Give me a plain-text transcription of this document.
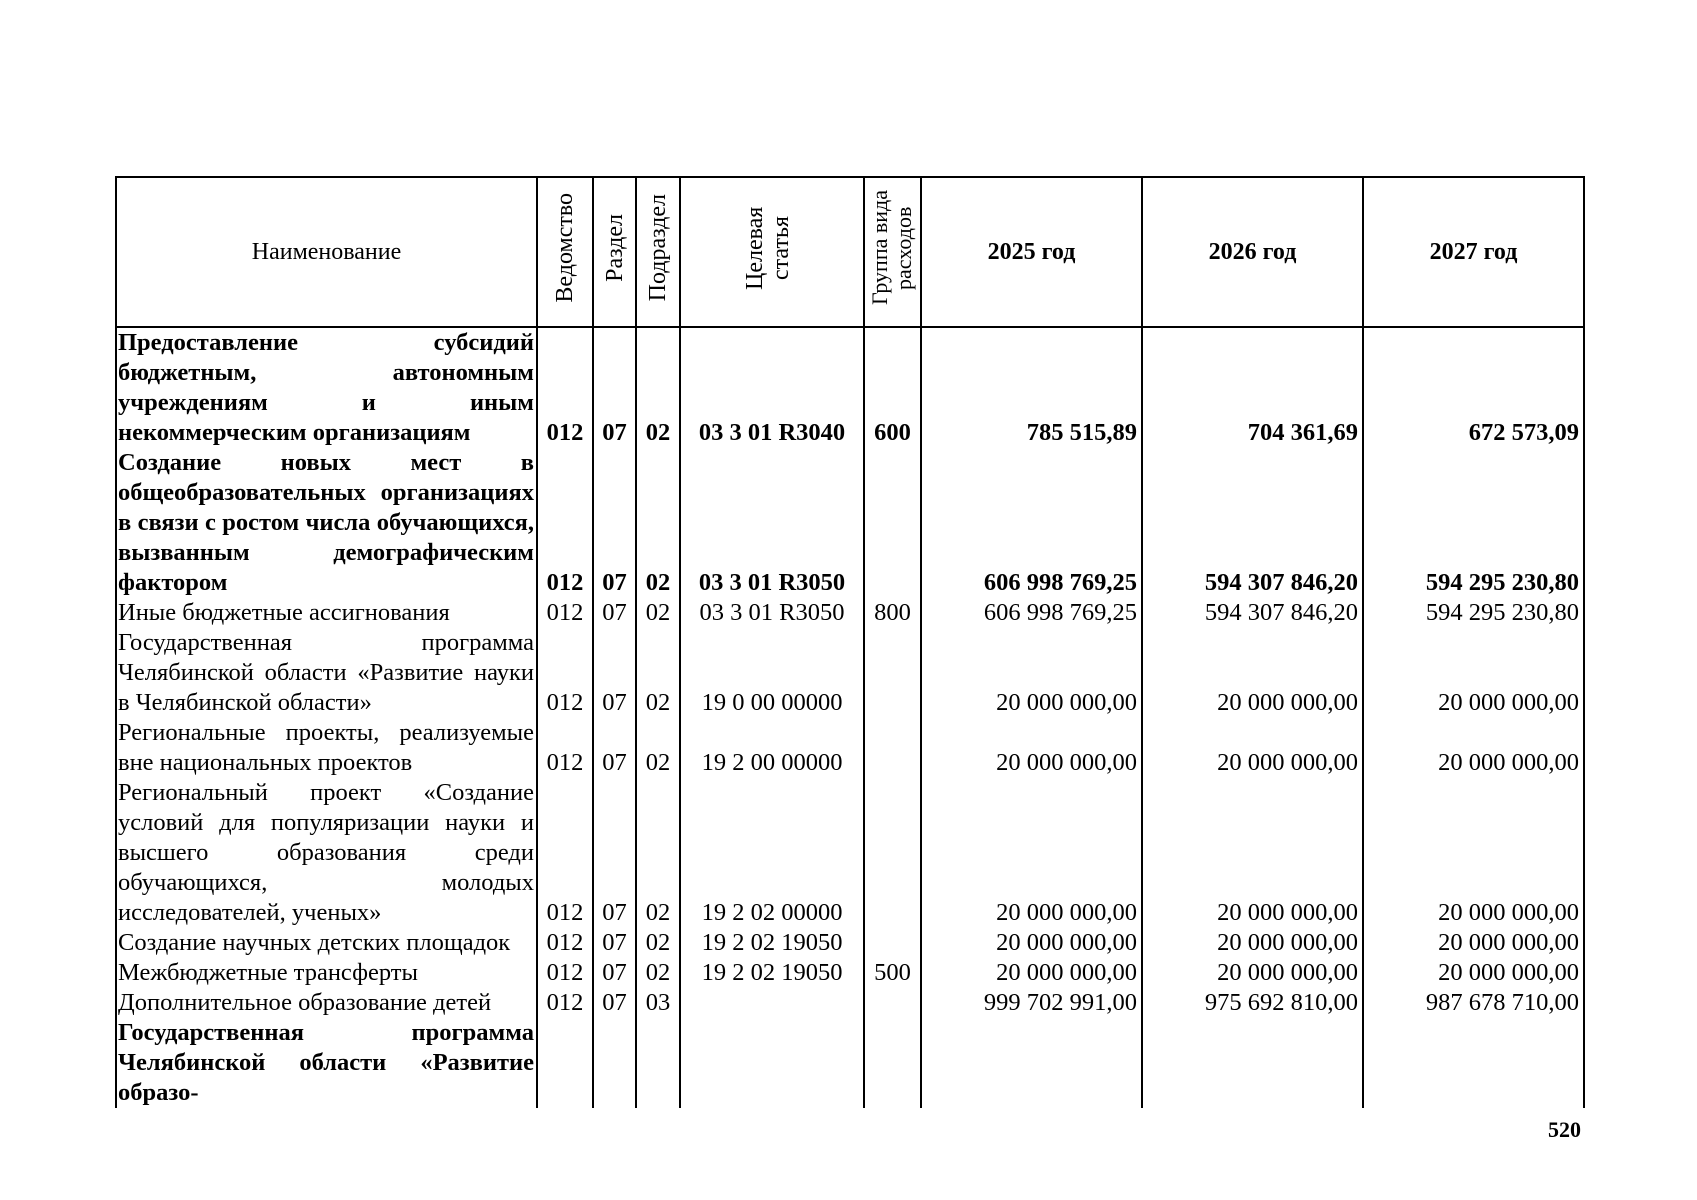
Наименование	Ведомство	Раздел	Подраздел	Целевая статья	Группа вида расходов	2025 год	2026 год	2027 год
Предоставление субсидий бюджетным, автономным учреждениям и иным некоммерческим организациям	012	07	02	03 3 01 R3040	600	785 515,89	704 361,69	672 573,09
Создание новых мест в общеобразовательных организациях в связи с ростом числа обучающихся, вызванным демографическим фактором	012	07	02	03 3 01 R3050		606 998 769,25	594 307 846,20	594 295 230,80
Иные бюджетные ассигнования	012	07	02	03 3 01 R3050	800	606 998 769,25	594 307 846,20	594 295 230,80
Государственная программа Челябинской области «Развитие науки в Челябинской области»	012	07	02	19 0 00 00000		20 000 000,00	20 000 000,00	20 000 000,00
Региональные проекты, реализуемые вне национальных проектов	012	07	02	19 2 00 00000		20 000 000,00	20 000 000,00	20 000 000,00
Региональный проект «Создание условий для популяризации науки и высшего образования среди обучающихся, молодых исследователей, ученых»	012	07	02	19 2 02 00000		20 000 000,00	20 000 000,00	20 000 000,00
Создание научных детских площадок	012	07	02	19 2 02 19050		20 000 000,00	20 000 000,00	20 000 000,00
Межбюджетные трансферты	012	07	02	19 2 02 19050	500	20 000 000,00	20 000 000,00	20 000 000,00
Дополнительное образование детей	012	07	03			999 702 991,00	975 692 810,00	987 678 710,00
Государственная программа Челябинской области «Развитие образо-								
520
